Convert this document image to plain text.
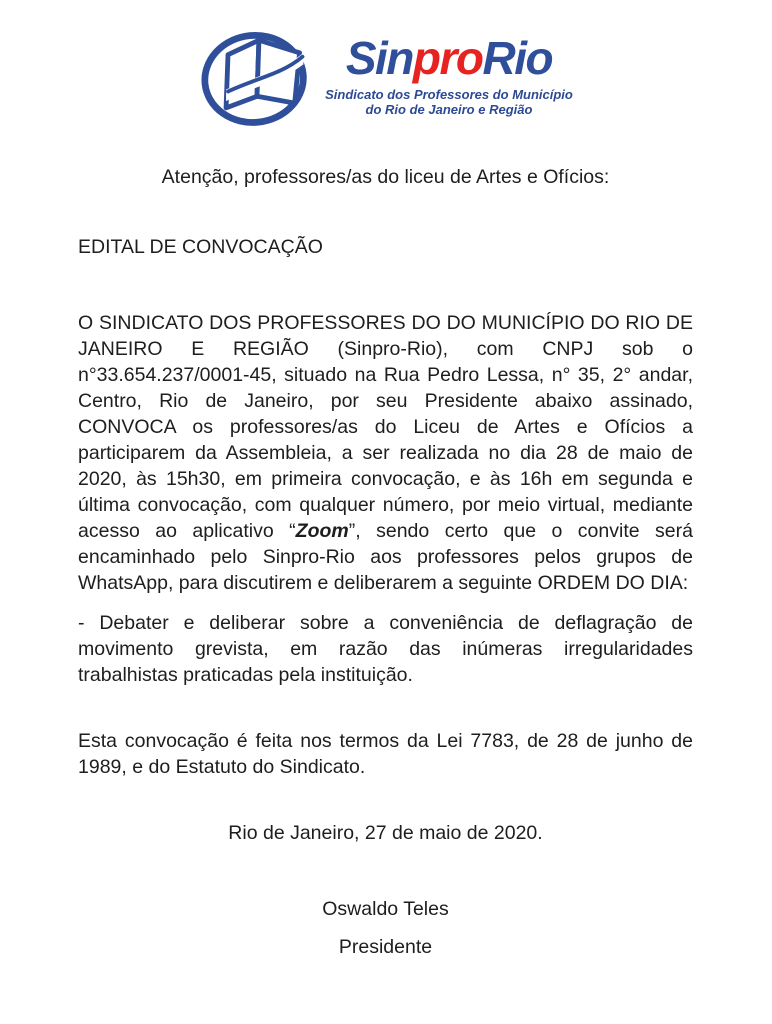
SinproRio
Sindicato dos Professores do Município
do Rio de Janeiro e Região
Atenção, professores/as do liceu de Artes e Ofícios:
EDITAL DE CONVOCAÇÃO

O SINDICATO DOS PROFESSORES DO DO MUNICÍPIO DO RIO DE JANEIRO E REGIÃO (Sinpro-Rio), com CNPJ sob o n°33.654.237/0001-45, situado na Rua Pedro Lessa, n° 35, 2° andar, Centro, Rio de Janeiro, por seu Presidente abaixo assinado, CONVOCA os professores/as do Liceu de Artes e Ofícios a participarem da Assembleia, a ser realizada no dia 28 de maio de 2020, às 15h30, em primeira convocação, e às 16h em segunda e última convocação, com qualquer número, por meio virtual, mediante acesso ao aplicativo “Zoom”, sendo certo que o convite será encaminhado pelo Sinpro-Rio aos professores pelos grupos de WhatsApp, para discutirem e deliberarem a seguinte ORDEM DO DIA:

- Debater e deliberar sobre a conveniência de deflagração de movimento grevista, em razão das inúmeras irregularidades trabalhistas praticadas pela instituição.

Esta convocação é feita nos termos da Lei 7783, de 28 de junho de 1989, e do Estatuto do Sindicato.

Rio de Janeiro, 27 de maio de 2020.
Oswaldo Teles
Presidente
